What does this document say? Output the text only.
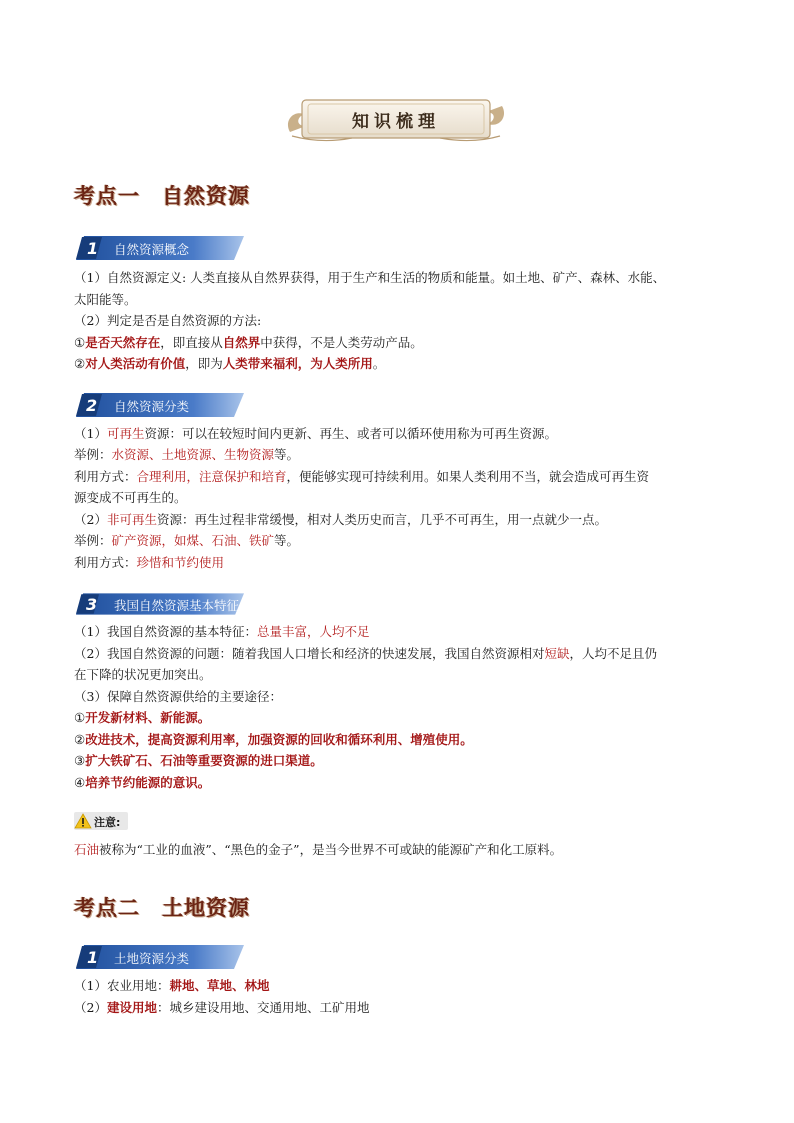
知识梳理
考点一 自然资源
1 自然资源概念
（1）自然资源定义: 人类直接从自然界获得，用于生产和生活的物质和能量。如土地、矿产、森林、水能、
太阳能等。
（2）判定是否是自然资源的方法:
①是否天然存在，即直接从自然界中获得，不是人类劳动产品。
②对人类活动有价值，即为人类带来福利，为人类所用。
2 自然资源分类
（1）可再生资源：可以在较短时间内更新、再生、或者可以循环使用称为可再生资源。
举例：水资源、土地资源、生物资源等。
利用方式：合理利用，注意保护和培育，便能够实现可持续利用。如果人类利用不当，就会造成可再生资
源变成不可再生的。
（2）非可再生资源：再生过程非常缓慢，相对人类历史而言，几乎不可再生，用一点就少一点。
举例：矿产资源，如煤、石油、铁矿等。
利用方式：珍惜和节约使用
3 我国自然资源基本特征
（1）我国自然资源的基本特征：总量丰富，人均不足
（2）我国自然资源的问题：随着我国人口增长和经济的快速发展，我国自然资源相对短缺，人均不足且仍
在下降的状况更加突出。
（3）保障自然资源供给的主要途径：
①开发新材料、新能源。
②改进技术，提高资源利用率，加强资源的回收和循环利用、增殖使用。
③扩大铁矿石、石油等重要资源的进口渠道。
④培养节约能源的意识。
注意:
石油被称为“工业的血液”、“黑色的金子”，是当今世界不可或缺的能源矿产和化工原料。
考点二 土地资源
1 土地资源分类
（1）农业用地：耕地、草地、林地
（2）建设用地：城乡建设用地、交通用地、工矿用地
